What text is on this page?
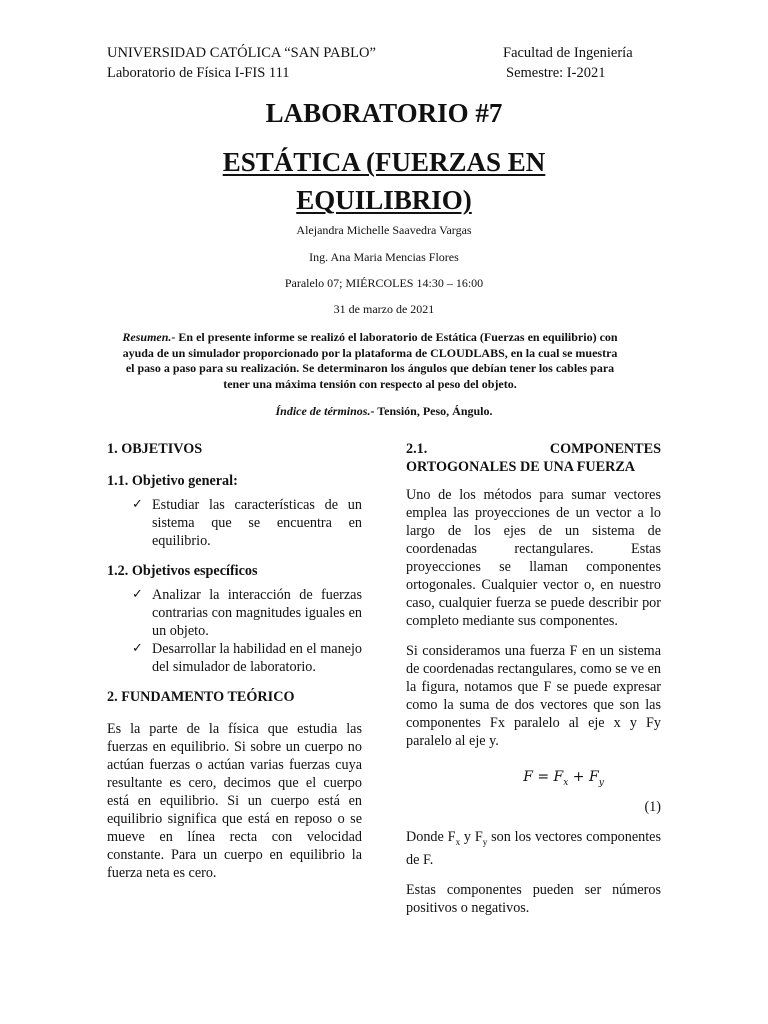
UNIVERSIDAD CATÓLICA “SAN PABLO”	Facultad de Ingeniería
Laboratorio de Física I-FIS 111	Semestre: I-2021
LABORATORIO #7
ESTÁTICA (FUERZAS EN
EQUILIBRIO)
Alejandra Michelle Saavedra Vargas
Ing. Ana Maria Mencias Flores
Paralelo 07; MIÉRCOLES 14:30 – 16:00
31 de marzo de 2021
Resumen.- En el presente informe se realizó el laboratorio de Estática (Fuerzas en equilibrio) con ayuda de un simulador proporcionado por la plataforma de CLOUDLABS, en la cual se muestra el paso a paso para su realización. Se determinaron los ángulos que debían tener los cables para tener una máxima tensión con respecto al peso del objeto.
Índice de términos.- Tensión, Peso, Ángulo.
1. OBJETIVOS
1.1. Objetivo general:
✓ Estudiar las características de un sistema que se encuentra en equilibrio.
1.2. Objetivos específicos
✓ Analizar la interacción de fuerzas contrarias con magnitudes iguales en un objeto.
✓ Desarrollar la habilidad en el manejo del simulador de laboratorio.
2. FUNDAMENTO TEÓRICO
Es la parte de la física que estudia las fuerzas en equilibrio. Si sobre un cuerpo no actúan fuerzas o actúan varias fuerzas cuya resultante es cero, decimos que el cuerpo está en equilibrio. Si un cuerpo está en equilibrio significa que está en reposo o se mueve en línea recta con velocidad constante. Para un cuerpo en equilibrio la fuerza neta es cero.
2.1.	COMPONENTES
ORTOGONALES DE UNA FUERZA
Uno de los métodos para sumar vectores emplea las proyecciones de un vector a lo largo de los ejes de un sistema de coordenadas rectangulares. Estas proyecciones se llaman componentes ortogonales. Cualquier vector o, en nuestro caso, cualquier fuerza se puede describir por completo mediante sus componentes.
Si consideramos una fuerza F en un sistema de coordenadas rectangulares, como se ve en la figura, notamos que F se puede expresar como la suma de dos vectores que son las componentes Fx paralelo al eje x y Fy paralelo al eje y.
$F = F_x + F_y$
(1)
Donde $F_x$ y $F_y$ son los vectores componentes de F.
Estas componentes pueden ser números positivos o negativos.
